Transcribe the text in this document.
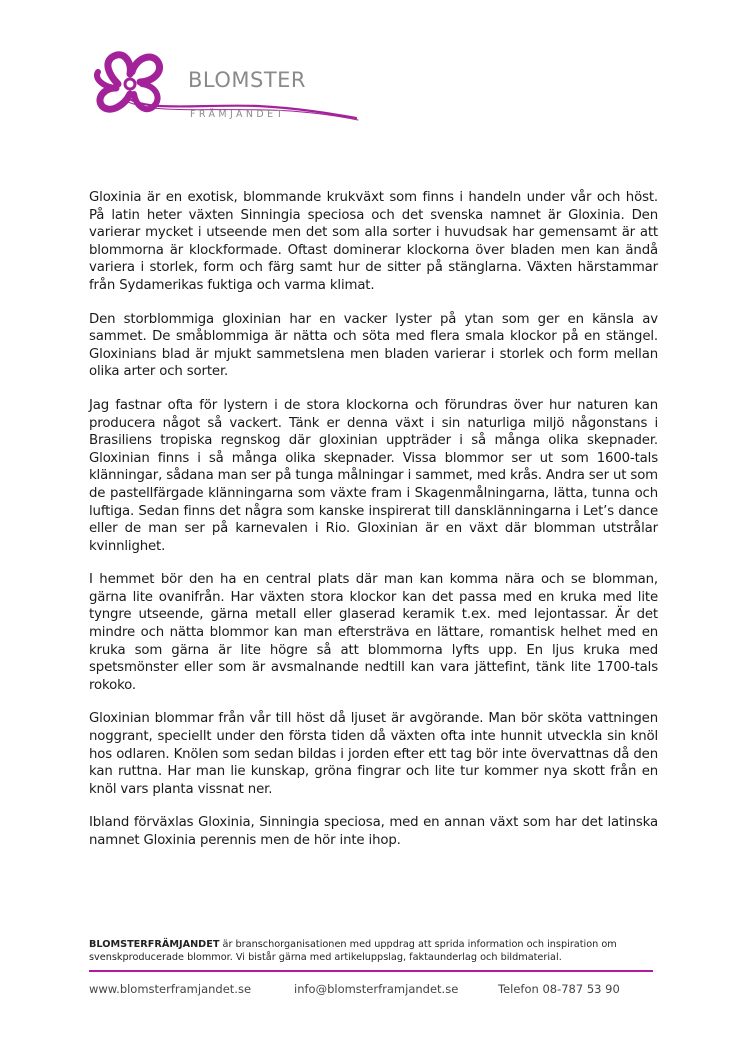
BLOMSTER
FRÄMJANDET

Gloxinia är en exotisk, blommande krukväxt som finns i handeln under vår och höst. På latin heter växten Sinningia speciosa och det svenska namnet är Gloxinia. Den varierar mycket i utseende men det som alla sorter i huvudsak har gemensamt är att blommorna är klockformade. Oftast dominerar klockorna över bladen men kan ändå variera i storlek, form och färg samt hur de sitter på stänglarna. Växten härstammar från Sydamerikas fuktiga och varma klimat.

Den storblommiga gloxinian har en vacker lyster på ytan som ger en känsla av sammet. De småblommiga är nätta och söta med flera smala klockor på en stängel. Gloxinians blad är mjukt sammetslena men bladen varierar i storlek och form mellan olika arter och sorter.

Jag fastnar ofta för lystern i de stora klockorna och förundras över hur naturen kan producera något så vackert. Tänk er denna växt i sin naturliga miljö någonstans i Brasiliens tropiska regnskog där gloxinian uppträder i så många olika skepnader. Gloxinian finns i så många olika skepnader. Vissa blommor ser ut som 1600-tals klänningar, sådana man ser på tunga målningar i sammet, med krås. Andra ser ut som de pastellfärgade klänningarna som växte fram i Skagenmålningarna, lätta, tunna och luftiga. Sedan finns det några som kanske inspirerat till dansklänningarna i Let’s dance eller de man ser på karnevalen i Rio. Gloxinian är en växt där blomman utstrålar kvinnlighet.

I hemmet bör den ha en central plats där man kan komma nära och se blomman, gärna lite ovanifrån. Har växten stora klockor kan det passa med en kruka med lite tyngre utseende, gärna metall eller glaserad keramik t.ex. med lejontassar. Är det mindre och nätta blommor kan man eftersträva en lättare, romantisk helhet med en kruka som gärna är lite högre så att blommorna lyfts upp. En ljus kruka med spetsmönster eller som är avsmalnande nedtill kan vara jättefint, tänk lite 1700-tals rokoko.

Gloxinian blommar från vår till höst då ljuset är avgörande. Man bör sköta vattningen noggrant, speciellt under den första tiden då växten ofta inte hunnit utveckla sin knöl hos odlaren. Knölen som sedan bildas i jorden efter ett tag bör inte övervattnas då den kan ruttna. Har man lie kunskap, gröna fingrar och lite tur kommer nya skott från en knöl vars planta vissnat ner.

Ibland förväxlas Gloxinia, Sinningia speciosa, med en annan växt som har det latinska namnet Gloxinia perennis men de hör inte ihop.

BLOMSTERFRÄMJANDET är branschorganisationen med uppdrag att sprida information och inspiration om svenskproducerade blommor. Vi bistår gärna med artikeluppslag, faktaunderlag och bildmaterial.
www.blomsterframjandet.se	info@blomsterframjandet.se	Telefon 08-787 53 90
